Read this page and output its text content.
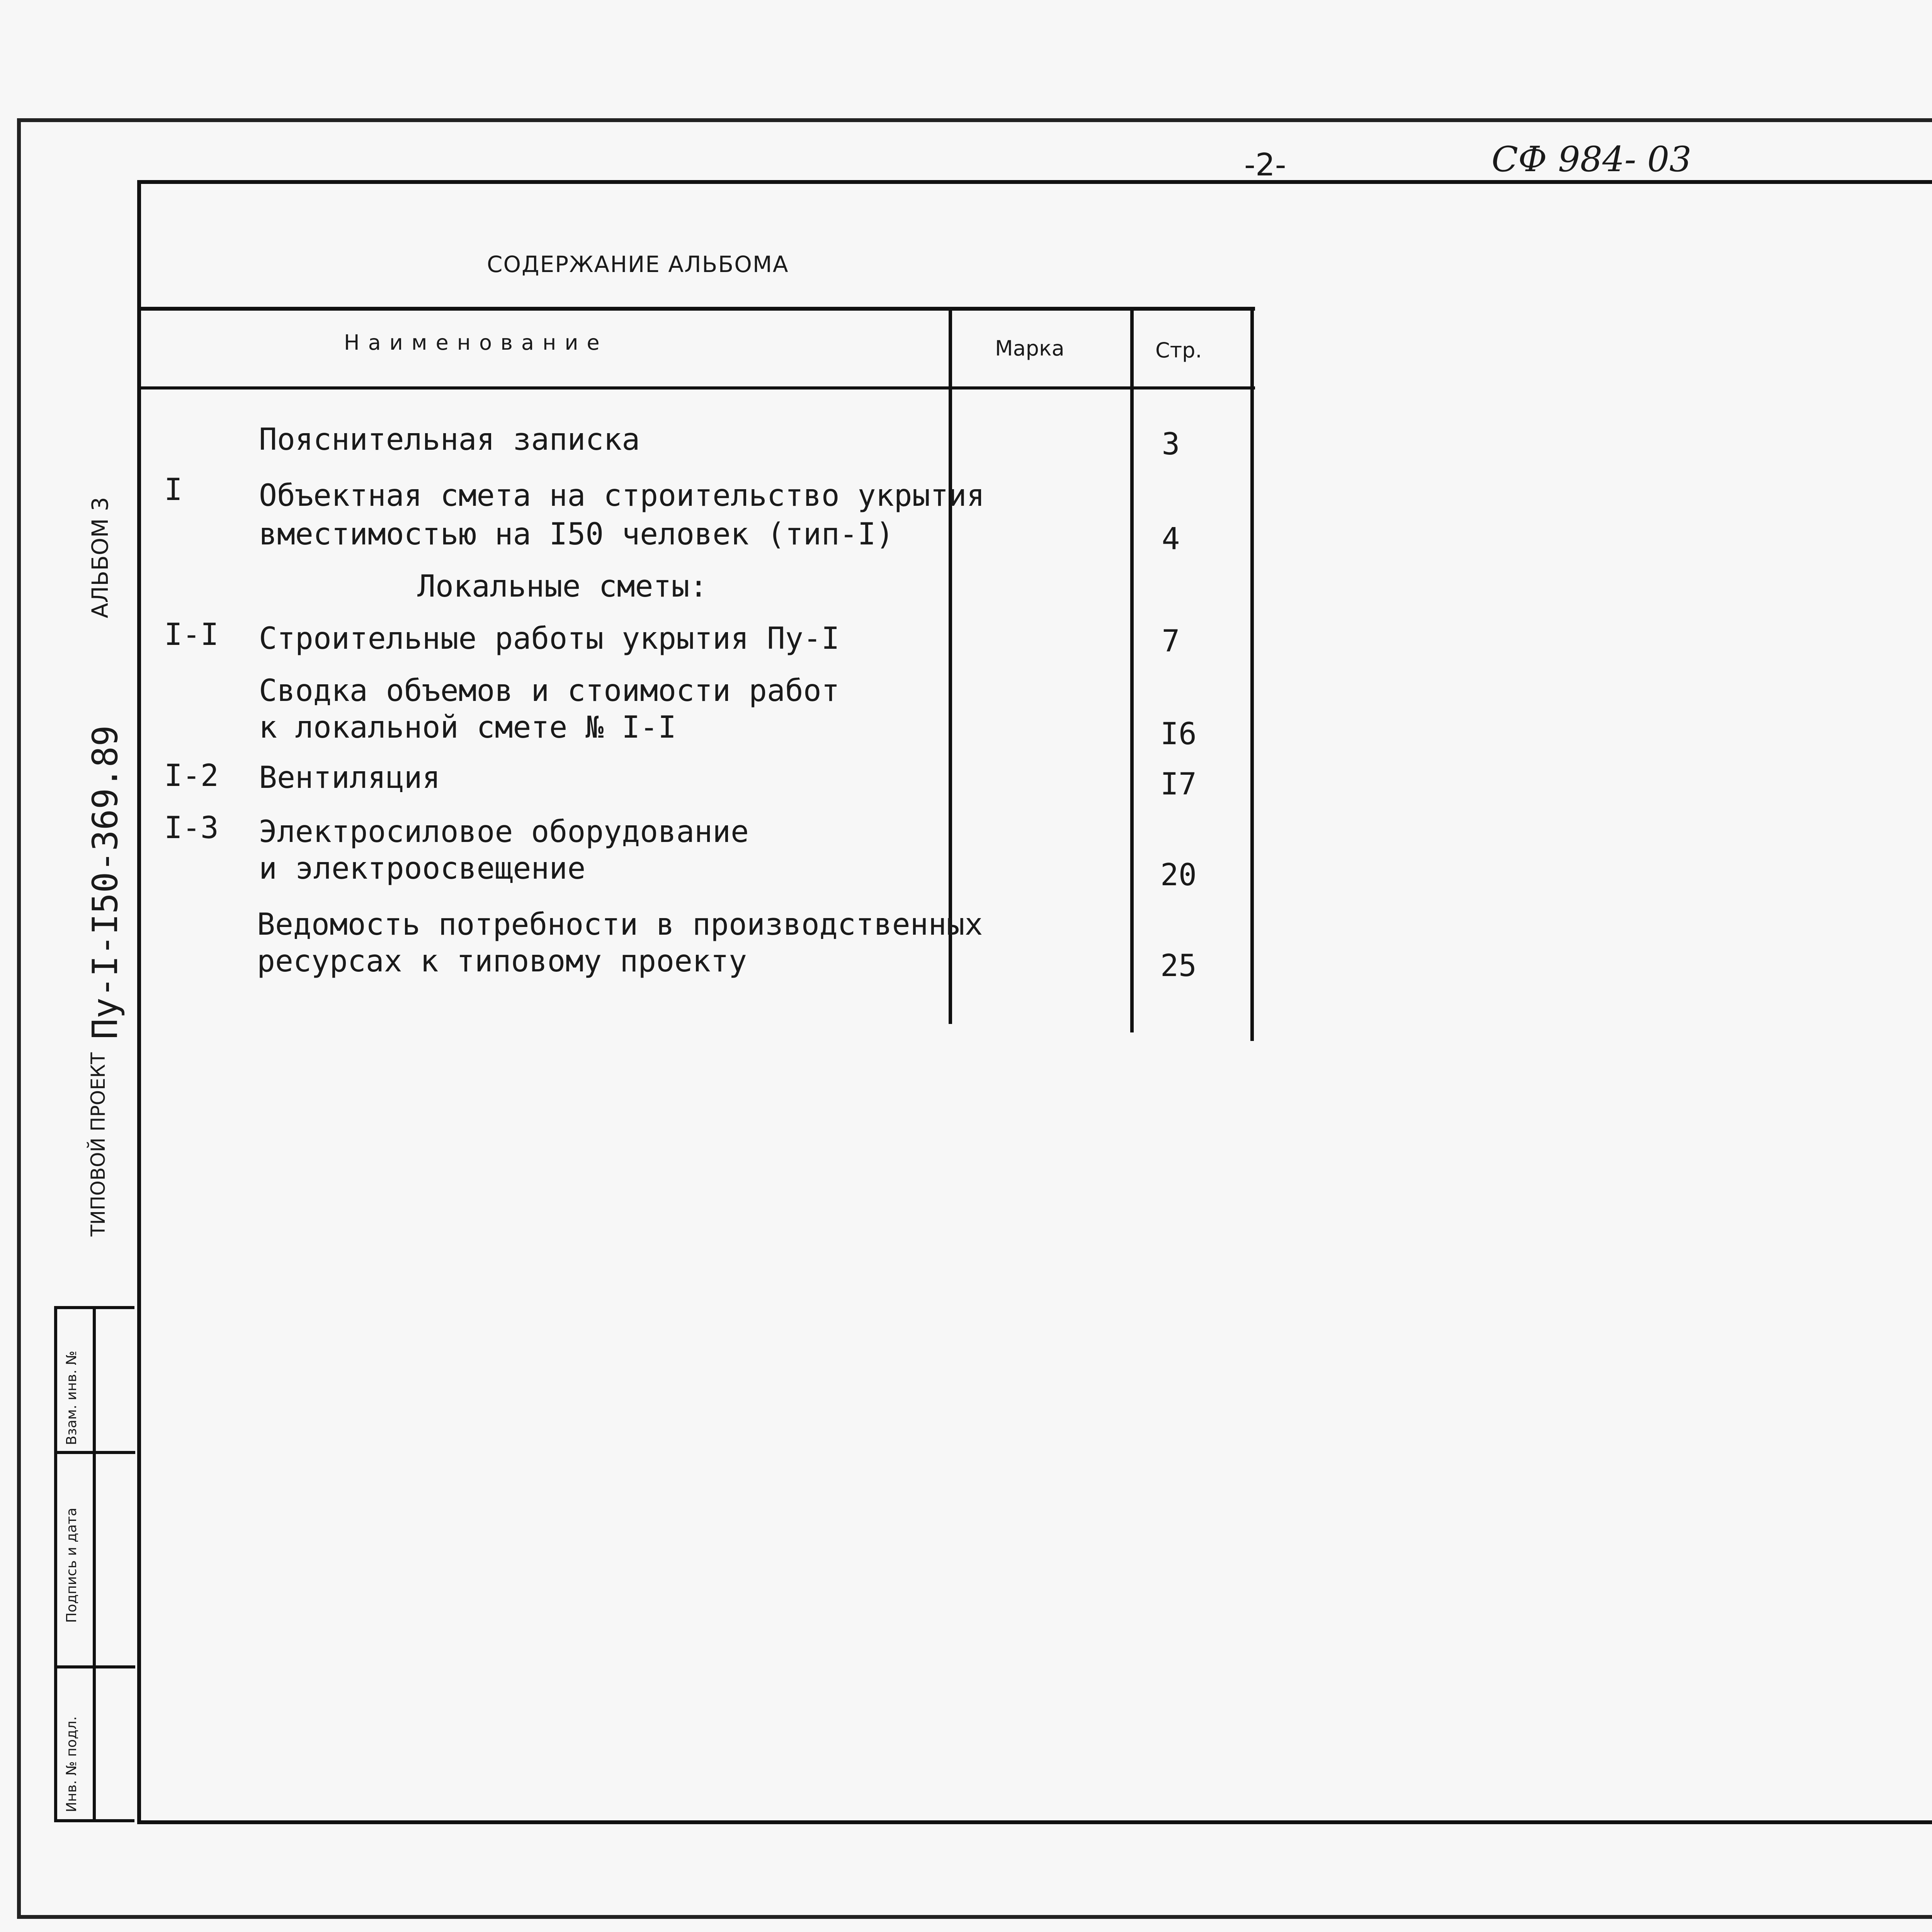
-2-	СФ 984- 03
СОДЕРЖАНИЕ АЛЬБОМА
Наименование	Марка	Стр.
Пояснительная записка	3
I	Объектная смета на строительство укрытия
вместимостью на I50 человек (тип-I)	4
Локальные сметы:
I-I Строительные работы укрытия Пу-I	7
Сводка объемов и стоимости работ
к локальной смете № I-I	I6
I-2 Вентиляция	I7
I-3 Электросиловое оборудование
и электроосвещение	20
Ведомость потребности в производственных
ресурсах к типовому проекту	25
АЛЬБОМ 3
Пу-I-I50-369.89
ТИПОВОЙ ПРОЕКТ
Взам. инв. №
Подпись и дата
Инв. № подл.
